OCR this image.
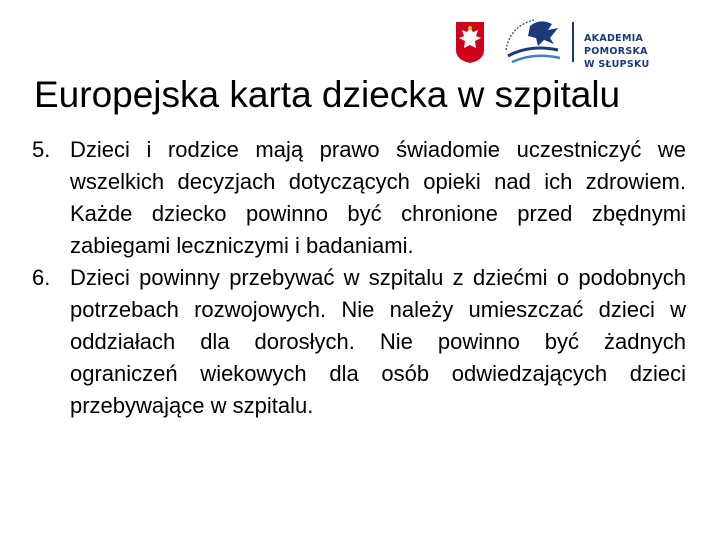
AKADEMIA POMORSKA
W SŁUPSKU
Europejska karta dziecka w szpitalu
5. Dzieci i rodzice mają prawo świadomie uczestniczyć we wszelkich decyzjach dotyczących opieki nad ich zdrowiem. Każde dziecko powinno być chronione przed zbędnymi zabiegami leczniczymi i badaniami.
6. Dzieci powinny przebywać w szpitalu z dziećmi o podobnych potrzebach rozwojowych. Nie należy umieszczać dzieci w oddziałach dla dorosłych. Nie powinno być żadnych ograniczeń wiekowych dla osób odwiedzających dzieci przebywające w szpitalu.
